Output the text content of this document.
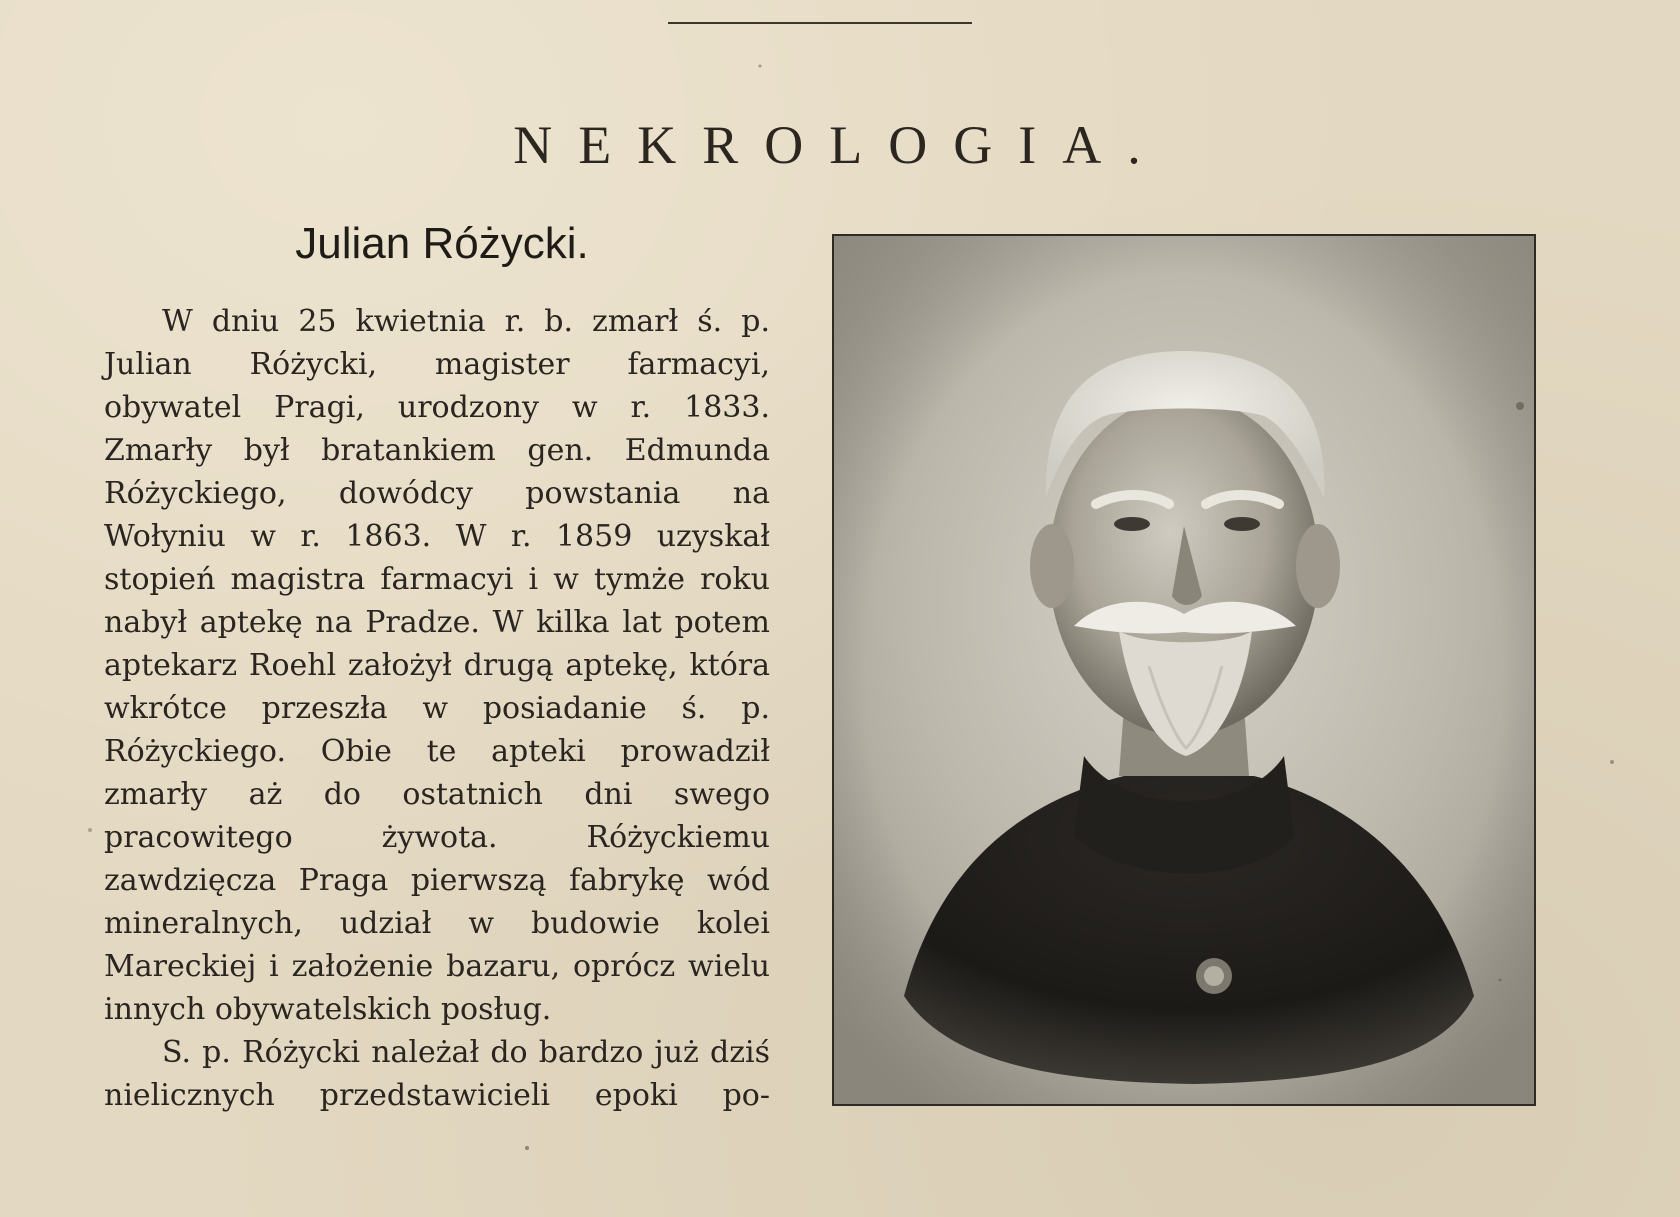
NEKROLOGIA.
Julian Różycki.

W dniu 25 kwietnia r. b. zmarł ś. p. Julian Różycki, magister farmacyi, obywatel Pragi, urodzony w r. 1833. Zmarły był bratankiem gen. Edmunda Różyckiego, dowódcy powstania na Wołyniu w r. 1863. W r. 1859 uzyskał stopień magistra farmacyi i w tymże roku nabył aptekę na Pradze. W kilka lat potem aptekarz Roehl założył drugą aptekę, która wkrótce przeszła w posiadanie ś. p. Różyckiego. Obie te apteki prowadził zmarły aż do ostatnich dni swego pracowitego żywota. Różyckiemu zawdzięcza Praga pierwszą fabrykę wód mineralnych, udział w budowie kolei Mareckiej i założenie bazaru, oprócz wielu innych obywatelskich posług.

S. p. Różycki należał do bardzo już dziś nielicznych przedstawicieli epoki po-
